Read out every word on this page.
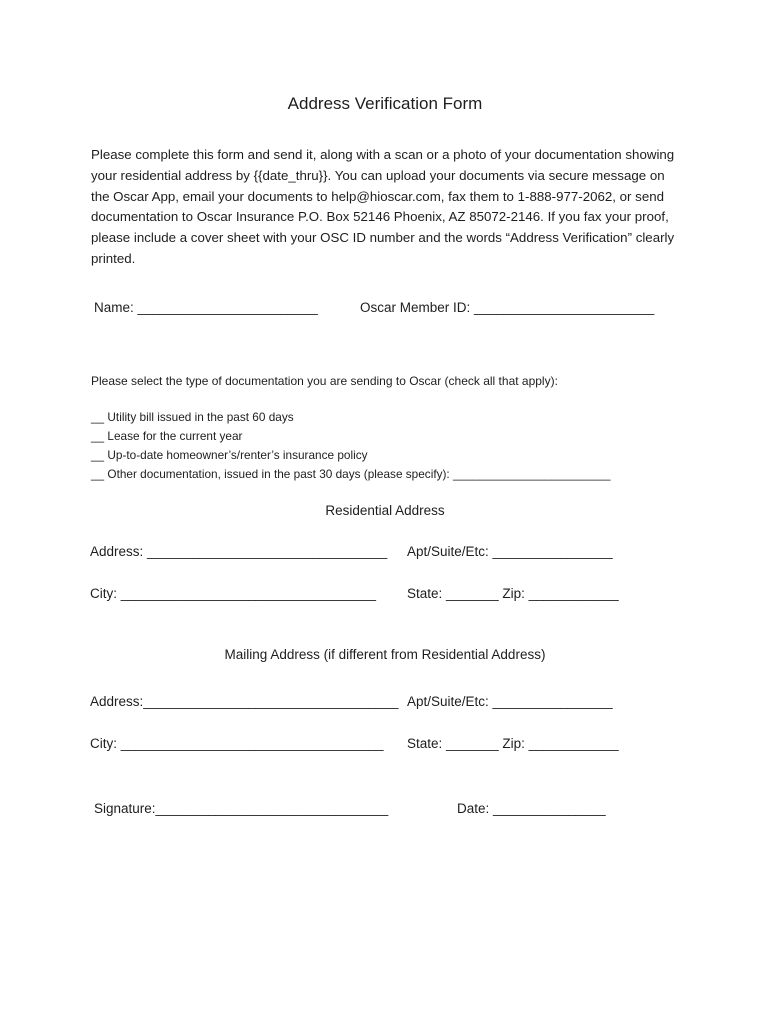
Address Verification Form

Please complete this form and send it, along with a scan or a photo of your documentation showing your residential address by {{date_thru}}. You can upload your documents via secure message on the Oscar App, email your documents to help@hioscar.com, fax them to 1-888-977-2062, or send documentation to Oscar Insurance P.O. Box 52146 Phoenix, AZ 85072-2146. If you fax your proof, please include a cover sheet with your OSC ID number and the words “Address Verification” clearly printed.

Name: ________________________	Oscar Member ID: ________________________
Please select the type of documentation you are sending to Oscar (check all that apply):
__ Utility bill issued in the past 60 days
__ Lease for the current year
__ Up-to-date homeowner’s/renter’s insurance policy
__ Other documentation, issued in the past 30 days (please specify): ________________________
Residential Address
Address: ________________________________ Apt/Suite/Etc: ________________
City: __________________________________ State: _______ Zip: ____________
Mailing Address (if different from Residential Address)
Address:__________________________________ Apt/Suite/Etc: ________________
City: ___________________________________ State: _______ Zip: ____________
Signature:_______________________________	Date: _______________
